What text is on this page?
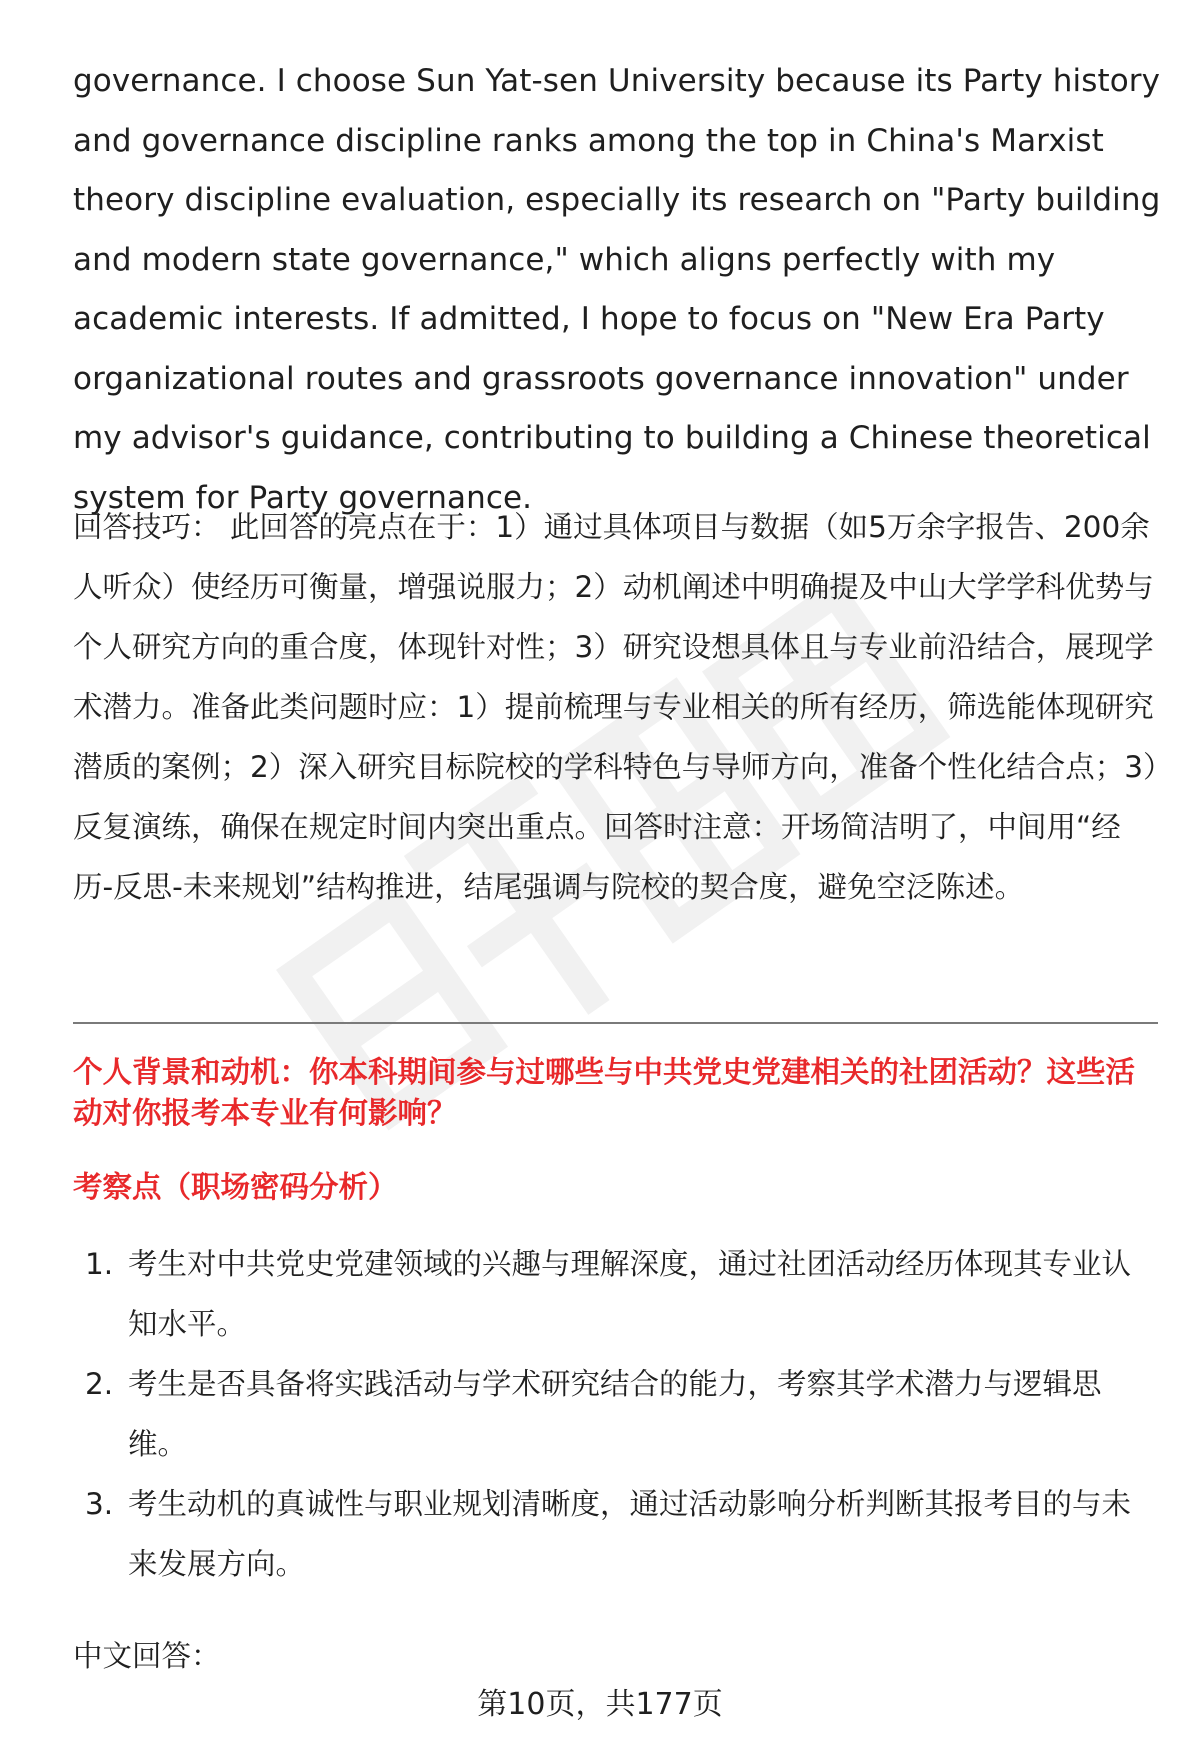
governance. I choose Sun Yat-sen University because its Party history and governance discipline ranks among the top in China's Marxist theory discipline evaluation, especially its research on "Party building and modern state governance," which aligns perfectly with my academic interests. If admitted, I hope to focus on "New Era Party organizational routes and grassroots governance innovation" under my advisor's guidance, contributing to building a Chinese theoretical system for Party governance.

回答技巧： 此回答的亮点在于：1）通过具体项目与数据（如5万余字报告、200余人听众）使经历可衡量，增强说服力；2）动机阐述中明确提及中山大学学科优势与个人研究方向的重合度，体现针对性；3）研究设想具体且与专业前沿结合，展现学术潜力。准备此类问题时应：1）提前梳理与专业相关的所有经历，筛选能体现研究潜质的案例；2）深入研究目标院校的学科特色与导师方向，准备个性化结合点；3）反复演练，确保在规定时间内突出重点。回答时注意：开场简洁明了，中间用“经历-反思-未来规划”结构推进，结尾强调与院校的契合度，避免空泛陈述。

个人背景和动机：你本科期间参与过哪些与中共党史党建相关的社团活动？这些活动对你报考本专业有何影响？

考察点（职场密码分析）

1. 考生对中共党史党建领域的兴趣与理解深度，通过社团活动经历体现其专业认知水平。
2. 考生是否具备将实践活动与学术研究结合的能力，考察其学术潜力与逻辑思维。
3. 考生动机的真诚性与职业规划清晰度，通过活动影响分析判断其报考目的与未来发展方向。

中文回答：

第10页，共177页
